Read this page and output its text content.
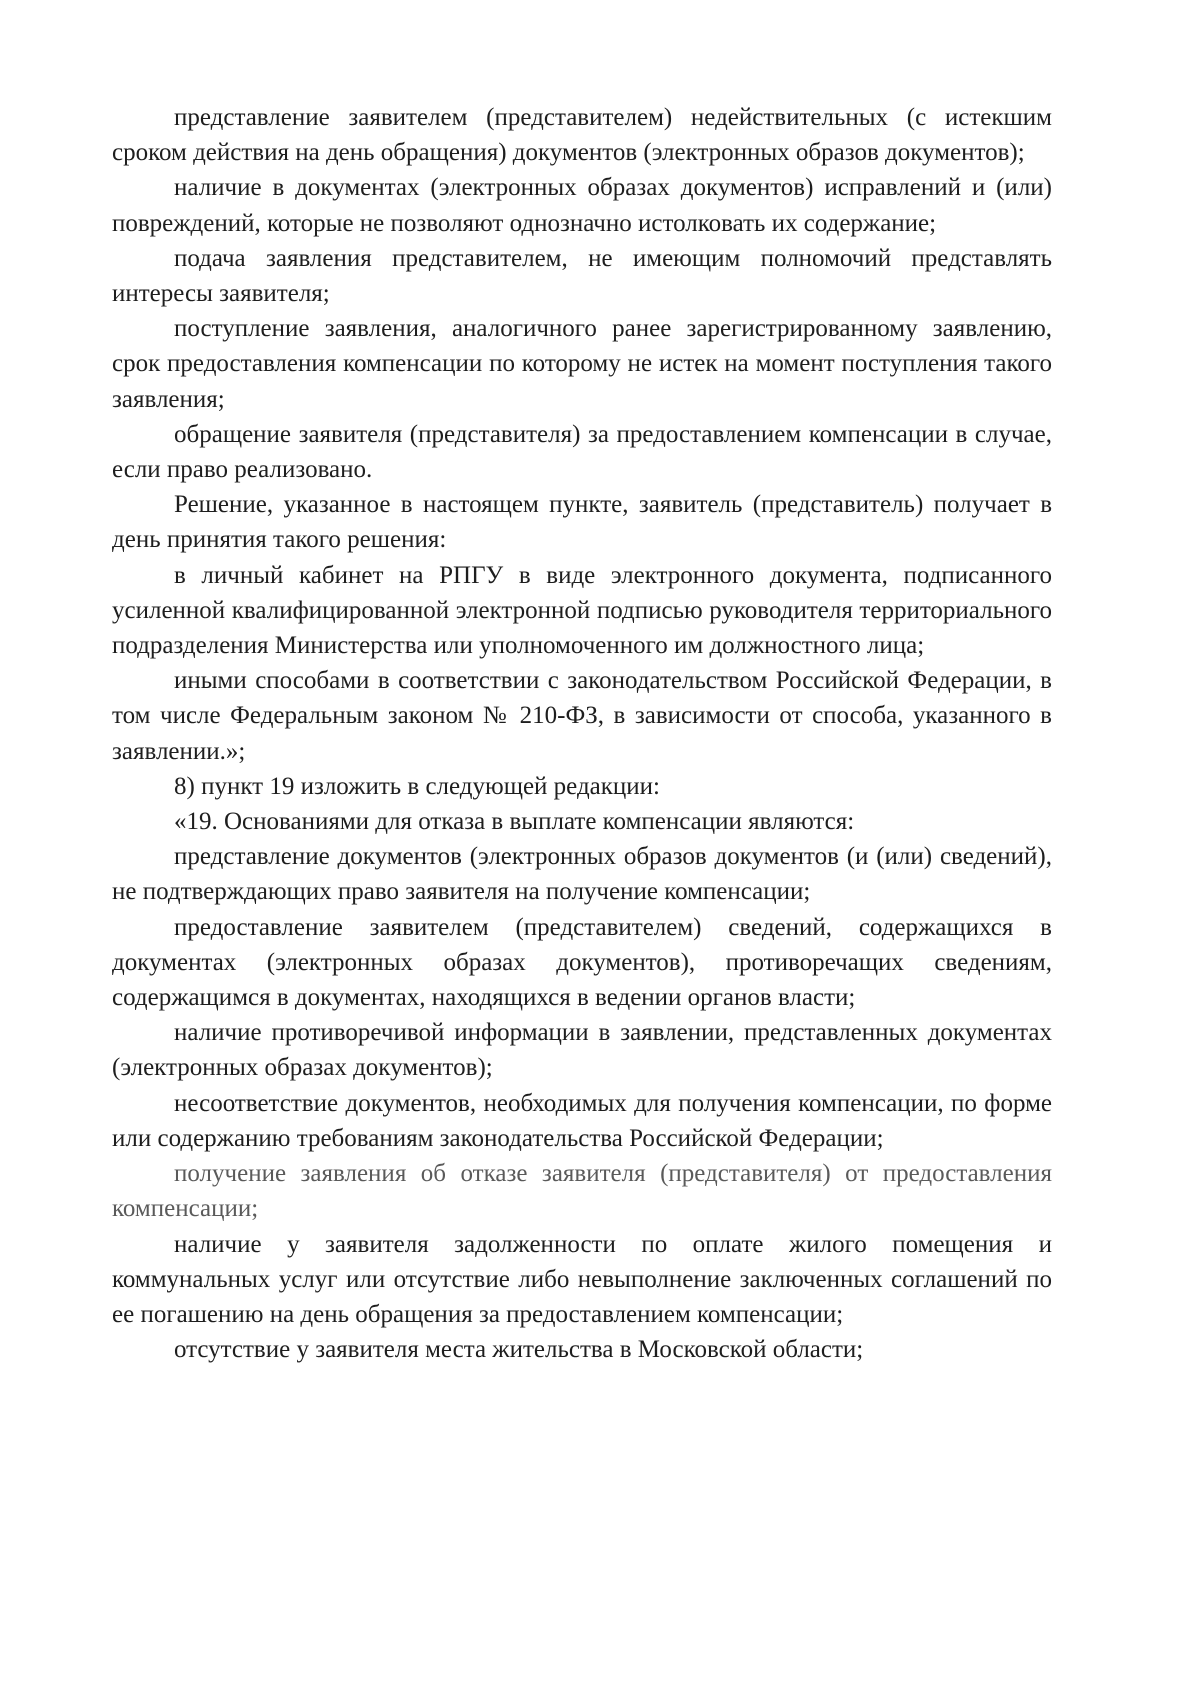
представление заявителем (представителем) недействительных (с истекшим сроком действия на день обращения) документов (электронных образов документов);

наличие в документах (электронных образах документов) исправлений и (или) повреждений, которые не позволяют однозначно истолковать их содержание;

подача заявления представителем, не имеющим полномочий представлять интересы заявителя;

поступление заявления, аналогичного ранее зарегистрированному заявлению, срок предоставления компенсации по которому не истек на момент поступления такого заявления;

обращение заявителя (представителя) за предоставлением компенсации в случае, если право реализовано.

Решение, указанное в настоящем пункте, заявитель (представитель) получает в день принятия такого решения:

в личный кабинет на РПГУ в виде электронного документа, подписанного усиленной квалифицированной электронной подписью руководителя территориального подразделения Министерства или уполномоченного им должностного лица;

иными способами в соответствии с законодательством Российской Федерации, в том числе Федеральным законом № 210-ФЗ, в зависимости от способа, указанного в заявлении.»;

8) пункт 19 изложить в следующей редакции:

«19. Основаниями для отказа в выплате компенсации являются:

представление документов (электронных образов документов (и (или) сведений), не подтверждающих право заявителя на получение компенсации;

предоставление заявителем (представителем) сведений, содержащихся в документах (электронных образах документов), противоречащих сведениям, содержащимся в документах, находящихся в ведении органов власти;

наличие противоречивой информации в заявлении, представленных документах (электронных образах документов);

несоответствие документов, необходимых для получения компенсации, по форме или содержанию требованиям законодательства Российской Федерации;

получение заявления об отказе заявителя (представителя) от предоставления компенсации;

наличие у заявителя задолженности по оплате жилого помещения и коммунальных услуг или отсутствие либо невыполнение заключенных соглашений по ее погашению на день обращения за предоставлением компенсации;

отсутствие у заявителя места жительства в Московской области;
